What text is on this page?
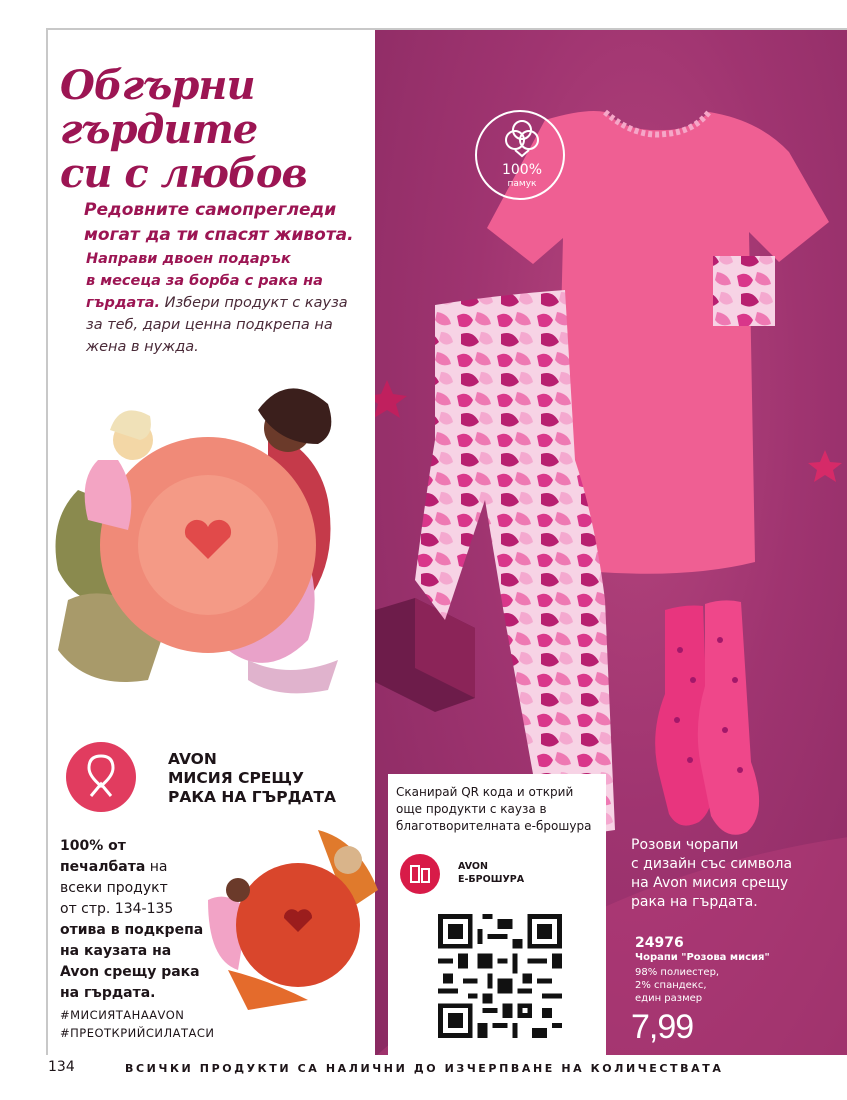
100%
памук
Обгърни
гърдите
си с любов
Редовните самопрегледи
могат да ти спасят живота.
Направи двоен подарък
в месеца за борба с рака на
гърдата. Избери продукт с кауза
за теб, дари ценна подкрепа на
жена в нужда.
AVON
МИСИЯ СРЕЩУ
РАКА НА ГЪРДАТА
100% от
печалбата на
всеки продукт
от стр. 134-135
отива в подкрепа
на каузата на
Avon срещу рака
на гърдата.
#МИСИЯТАНААVON
#ПРЕОТКРИЙСИЛАТАСИ
Сканирай QR кода и открий
още продукти с кауза в
благотворителната е-брошура
AVON
Е-БРОШУРА
Розови чорапи
с дизайн със символа
на Avon мисия срещу
рака на гърдата.
24976
Чорапи "Розова мисия"
98% полиестер,
2% спандекс,
един размер
7,99
134	ВСИЧКИ ПРОДУКТИ СА НАЛИЧНИ ДО ИЗЧЕРПВАНЕ НА КОЛИЧЕСТВАТА
